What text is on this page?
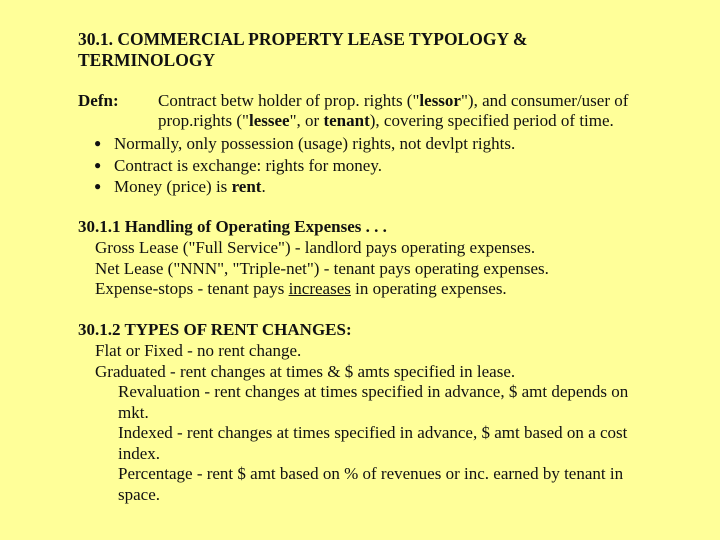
30.1. COMMERCIAL PROPERTY LEASE TYPOLOGY &
TERMINOLOGY
Defn: Contract betw holder of prop. rights ("lessor"), and consumer/user of prop.rights ("lessee", or tenant), covering specified period of time.
● Normally, only possession (usage) rights, not devlpt rights.
● Contract is exchange: rights for money.
● Money (price) is rent.
30.1.1 Handling of Operating Expenses . . .
Gross Lease ("Full Service") - landlord pays operating expenses.
Net Lease ("NNN", "Triple-net") - tenant pays operating expenses.
Expense-stops - tenant pays increases in operating expenses.
30.1.2 TYPES OF RENT CHANGES:
Flat or Fixed - no rent change.
Graduated - rent changes at times & $ amts specified in lease.
Revaluation - rent changes at times specified in advance, $ amt depends on mkt.
Indexed - rent changes at times specified in advance, $ amt based on a cost index.
Percentage - rent $ amt based on % of revenues or inc. earned by tenant in space.
